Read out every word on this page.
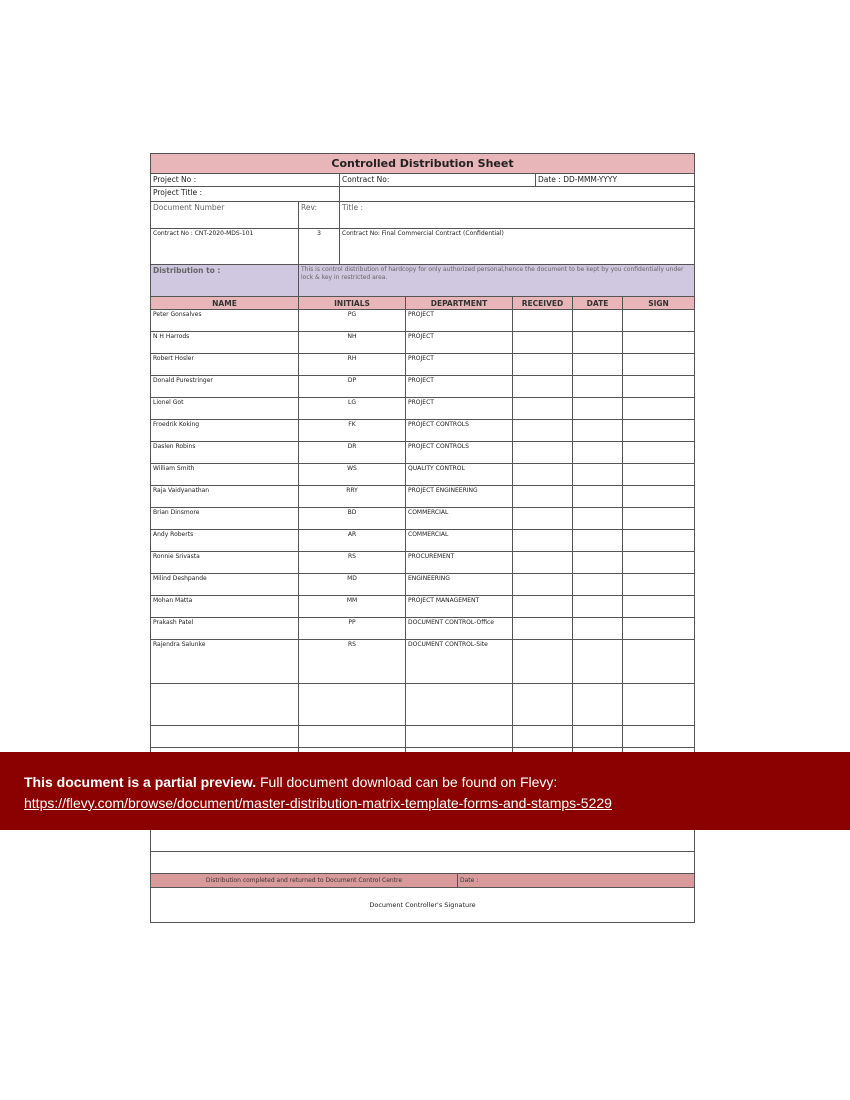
Controlled Distribution Sheet
Project No :	Contract No:	Date : DD-MMM-YYYY
Project Title :
Document Number	Rev:	Title :
Contract No : CNT-2020-MDS-101	3	Contract No: Final Commercial Contract (Confidential)
Distribution to :	This is control distribution of hardcopy for only authorized personal,hence the document to be kept by you confidentially under lock & key in restricted area.
NAME	INITIALS	DEPARTMENT	RECEIVED	DATE	SIGN
Peter Gonsalves	PG	PROJECT
N H Harrods	NH	PROJECT
Robert Hosler	RH	PROJECT
Donald Purestringer	DP	PROJECT
Lionel Got	LG	PROJECT
Froedrik Koking	FK	PROJECT CONTROLS
Daslen Robins	DR	PROJECT CONTROLS
William Smith	WS	QUALITY CONTROL
Raja Vaidyanathan	RRY	PROJECT ENGINEERING
Brian Dinsmore	BD	COMMERCIAL
Andy Roberts	AR	COMMERCIAL
Ronnie Srivasta	RS	PROCUREMENT
Milind Deshpande	MD	ENGINEERING
Mohan Matta	MM	PROJECT MANAGEMENT
Prakash Patel	PP	DOCUMENT CONTROL-Office
Rajendra Salunke	RS	DOCUMENT CONTROL-Site
Distribution completed and returned to Document Control Centre	Date :
Document Controller's Signature
This document is a partial preview. Full document download can be found on Flevy:
https://flevy.com/browse/document/master-distribution-matrix-template-forms-and-stamps-5229
